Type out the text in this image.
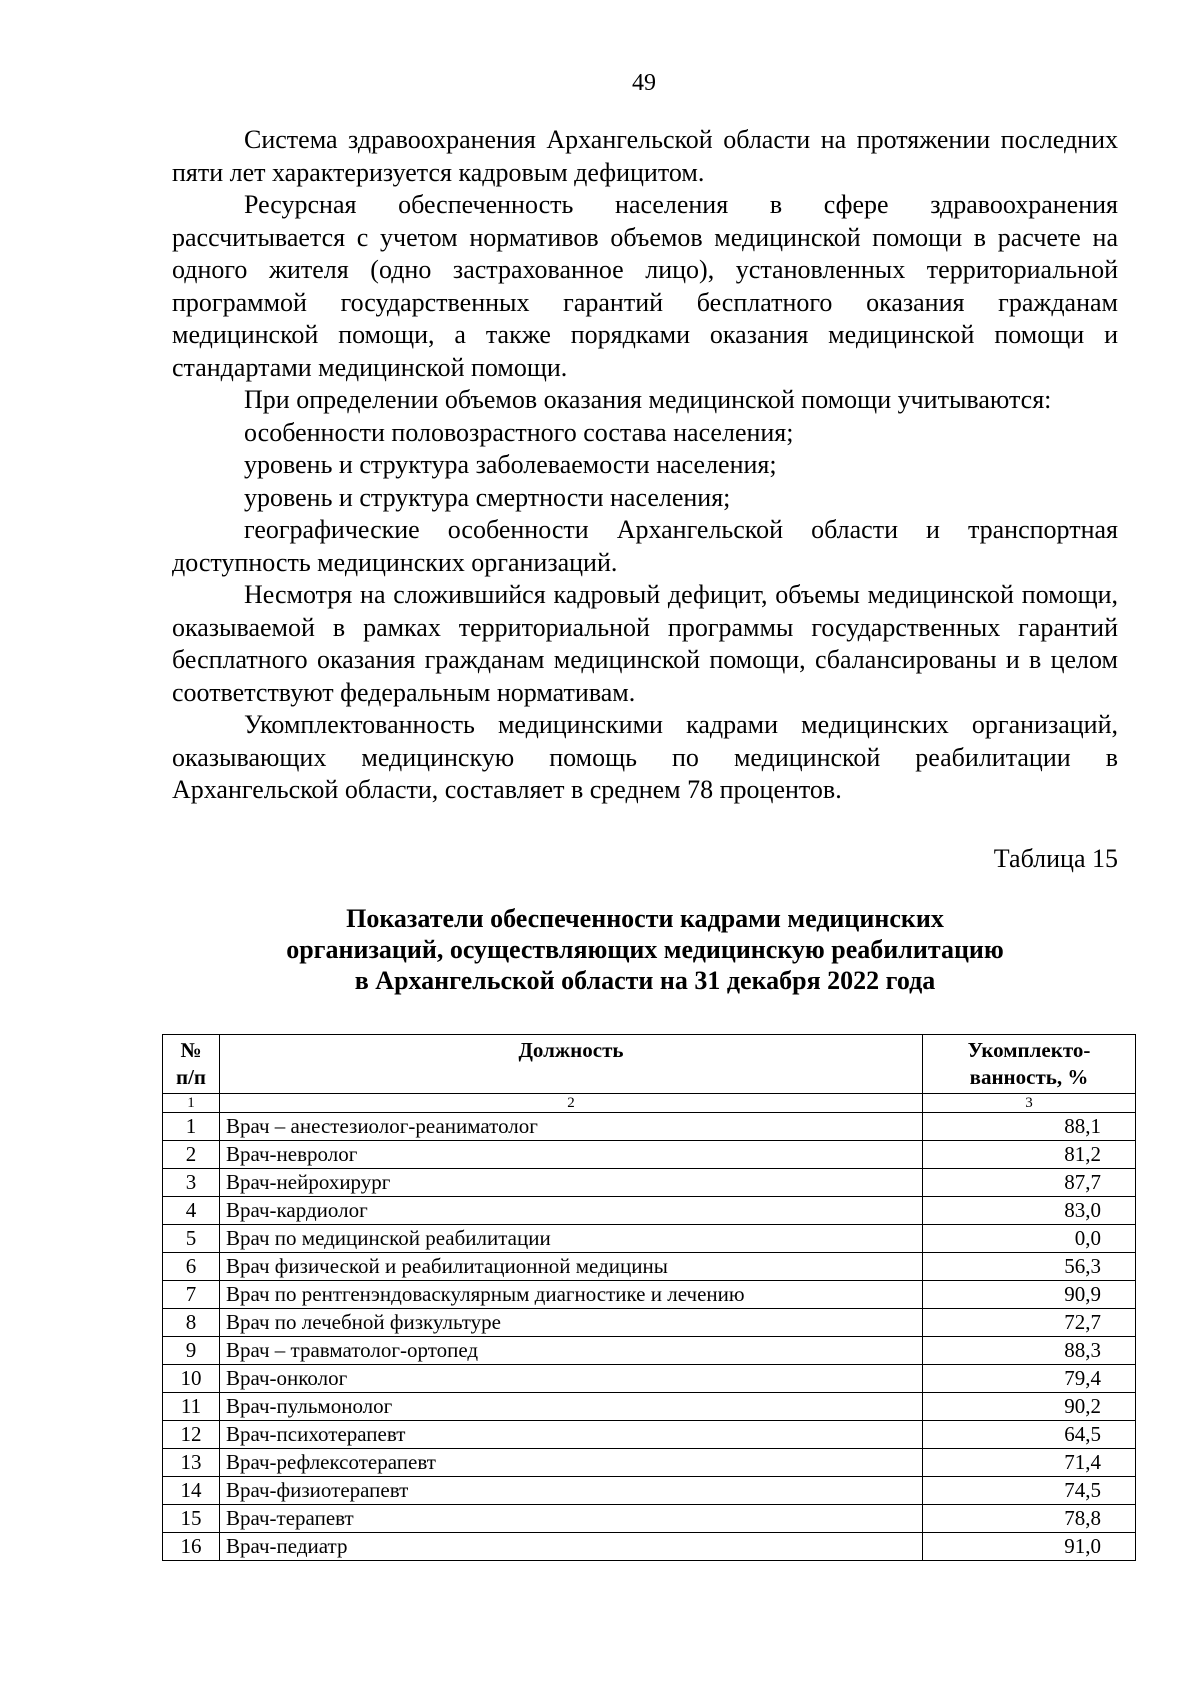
49

Система здравоохранения Архангельской области на протяжении последних пяти лет характеризуется кадровым дефицитом.

Ресурсная обеспеченность населения в сфере здравоохранения рассчитывается с учетом нормативов объемов медицинской помощи в расчете на одного жителя (одно застрахованное лицо), установленных территориальной программой государственных гарантий бесплатного оказания гражданам медицинской помощи, а также порядками оказания медицинской помощи и стандартами медицинской помощи.

При определении объемов оказания медицинской помощи учитываются:

особенности половозрастного состава населения;

уровень и структура заболеваемости населения;

уровень и структура смертности населения;

географические особенности Архангельской области и транспортная доступность медицинских организаций.

Несмотря на сложившийся кадровый дефицит, объемы медицинской помощи, оказываемой в рамках территориальной программы государственных гарантий бесплатного оказания гражданам медицинской помощи, сбалансированы и в целом соответствуют федеральным нормативам.

Укомплектованность медицинскими кадрами медицинских организаций, оказывающих медицинскую помощь по медицинской реабилитации в Архангельской области, составляет в среднем 78 процентов.

Таблица 15
Показатели обеспеченности кадрами медицинских
организаций, осуществляющих медицинскую реабилитацию
в Архангельской области на 31 декабря 2022 года
№ п/п	Должность	Укомплекто-ванность, %
1	2	3
1	Врач – анестезиолог-реаниматолог	88,1
2	Врач-невролог	81,2
3	Врач-нейрохирург	87,7
4	Врач-кардиолог	83,0
5	Врач по медицинской реабилитации	0,0
6	Врач физической и реабилитационной медицины	56,3
7	Врач по рентгенэндоваскулярным диагностике и лечению	90,9
8	Врач по лечебной физкультуре	72,7
9	Врач – травматолог-ортопед	88,3
10	Врач-онколог	79,4
11	Врач-пульмонолог	90,2
12	Врач-психотерапевт	64,5
13	Врач-рефлексотерапевт	71,4
14	Врач-физиотерапевт	74,5
15	Врач-терапевт	78,8
16	Врач-педиатр	91,0
